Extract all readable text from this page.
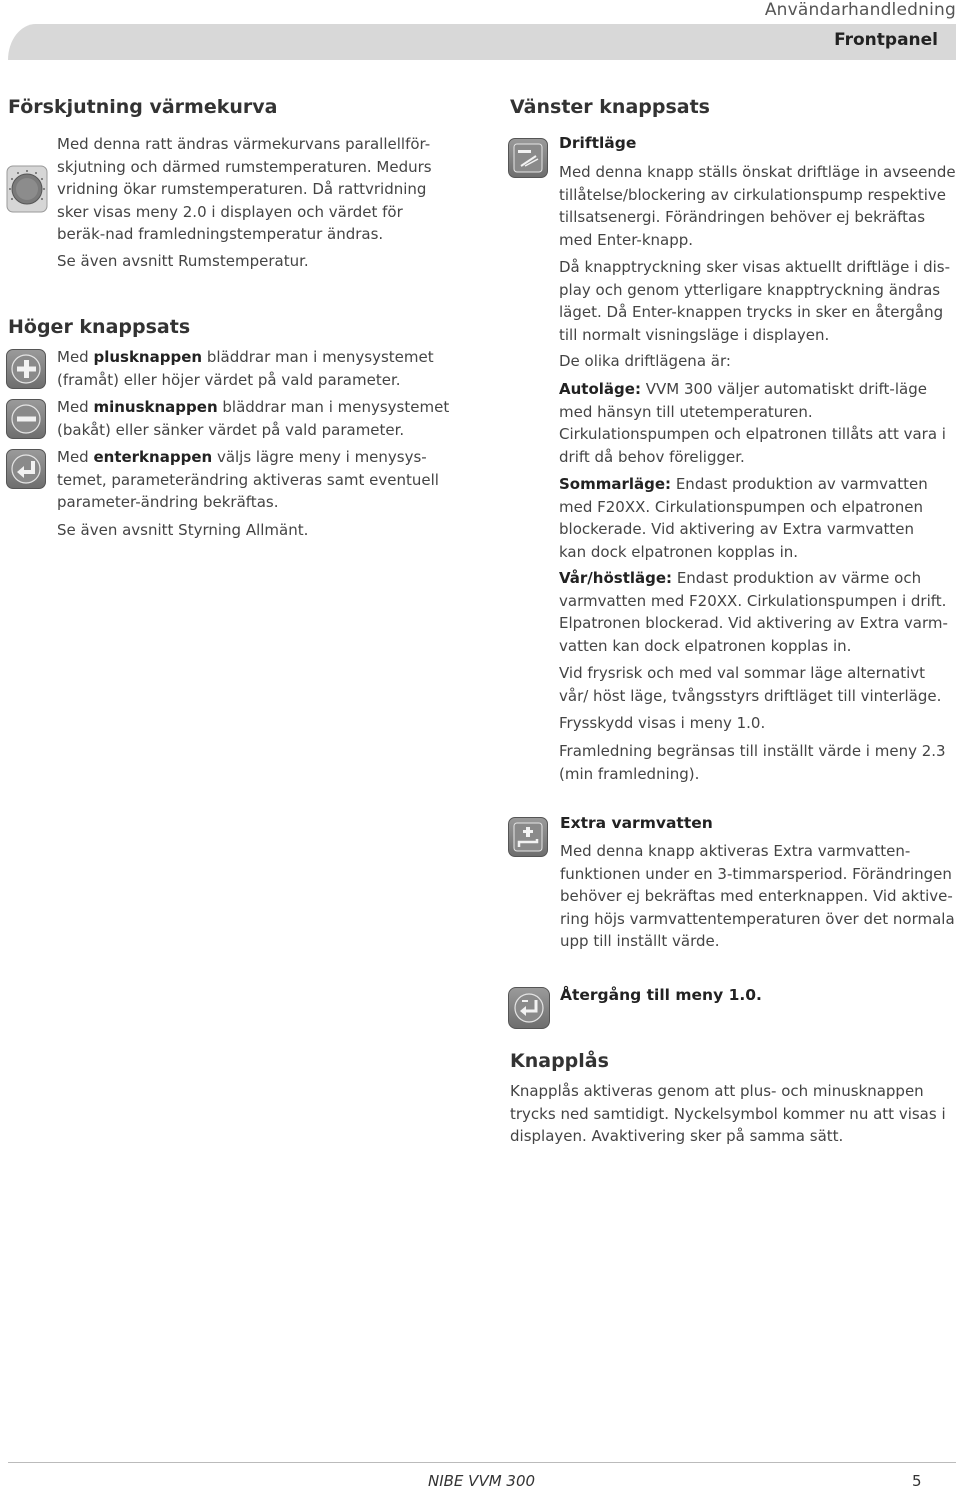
Användarhandledning
Frontpanel
Förskjutning värmekurva

Med denna ratt ändras värmekurvans parallellför-skjutning och därmed rumstemperaturen. Medurs vridning ökar rumstemperaturen. Då rattvridning sker visas meny 2.0 i displayen och värdet för beräk-nad framledningstemperatur ändras.

Se även avsnitt Rumstemperatur.

Höger knappsats

Med plusknappen bläddrar man i menysystemet (framåt) eller höjer värdet på vald parameter.

Med minusknappen bläddrar man i menysystemet (bakåt) eller sänker värdet på vald parameter.

Med enterknappen väljs lägre meny i menysys-temet, parameterändring aktiveras samt eventuell parameter-ändring bekräftas.

Se även avsnitt Styrning Allmänt.

Vänster knappsats
Driftläge

Med denna knapp ställs önskat driftläge in avseende tillåtelse/blockering av cirkulationspump respektive tillsatsenergi. Förändringen behöver ej bekräftas med Enter-knapp.

Då knapptryckning sker visas aktuellt driftläge i dis-play och genom ytterligare knapptryckning ändras läget. Då Enter-knappen trycks in sker en återgång till normalt visningsläge i displayen.

De olika driftlägena är:

Autoläge: VVM 300 väljer automatiskt drift-läge med hänsyn till utetemperaturen. Cirkulationspumpen och elpatronen tillåts att vara i drift då behov föreligger.

Sommarläge: Endast produktion av varmvatten med F20XX. Cirkulationspumpen och elpatronen blockerade. Vid aktivering av Extra varmvatten kan dock elpatronen kopplas in.

Vår/höstläge: Endast produktion av värme och varmvatten med F20XX. Cirkulationspumpen i drift. Elpatronen blockerad. Vid aktivering av Extra varm-vatten kan dock elpatronen kopplas in.

Vid frysrisk och med val sommar läge alternativt vår/ höst läge, tvångsstyrs driftläget till vinterläge.

Frysskydd visas i meny 1.0.

Framledning begränsas till inställt värde i meny 2.3 (min framledning).

Extra varmvatten

Med denna knapp aktiveras Extra varmvatten-funktionen under en 3-timmarsperiod. Förändringen behöver ej bekräftas med enterknappen. Vid aktive-ring höjs varmvattentemperaturen över det normala upp till inställt värde.

Återgång till meny 1.0.
Knapplås

Knapplås aktiveras genom att plus- och minusknappen trycks ned samtidigt. Nyckelsymbol kommer nu att visas i displayen. Avaktivering sker på samma sätt.

NIBE VVM 300	5
